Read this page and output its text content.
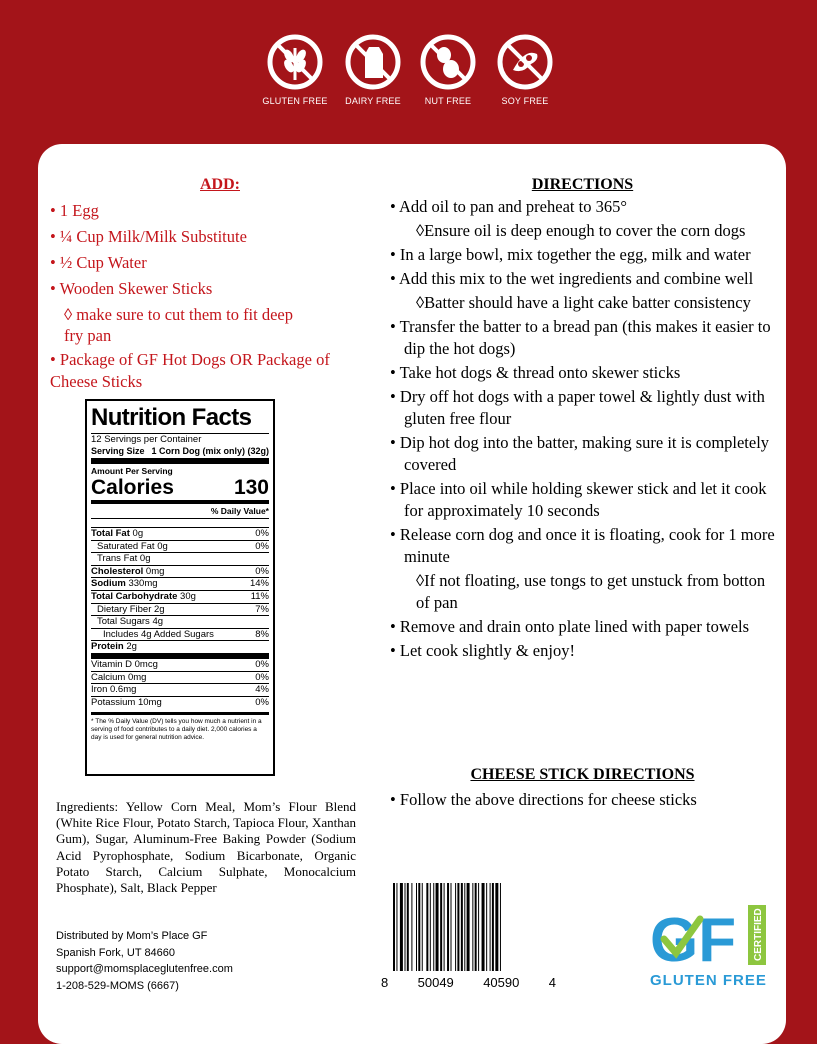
GLUTEN FREE	DAIRY FREE	NUT FREE	SOY FREE
ADD:
• 1 Egg
• ¼ Cup Milk/Milk Substitute
• ½ Cup Water
• Wooden Skewer Sticks
◊ make sure to cut them to fit deep fry pan
• Package of GF Hot Dogs OR Package of Cheese Sticks
Nutrition Facts
12 Servings per Container
Serving Size 1 Corn Dog (mix only) (32g)
Amount Per Serving
Calories	130
% Daily Value*
Total Fat 0g	0%
Saturated Fat 0g	0%
Trans Fat 0g
Cholesterol 0mg	0%
Sodium 330mg	14%
Total Carbohydrate 30g	11%
Dietary Fiber 2g	7%
Total Sugars 4g
Includes 4g Added Sugars	8%
Protein 2g
Vitamin D 0mcg	0%
Calcium 0mg	0%
Iron 0.6mg	4%
Potassium 10mg	0%
* The % Daily Value (DV) tells you how much a nutrient in a serving of food contributes to a daily diet. 2,000 calories a day is used for general nutrition advice.
Ingredients: Yellow Corn Meal, Mom’s Flour Blend (White Rice Flour, Potato Starch, Tapioca Flour, Xanthan Gum), Sugar, Aluminum-Free Baking Powder (Sodium Acid Pyrophosphate, Sodium Bicarbonate, Organic Potato Starch, Calcium Sulphate, Monocalcium Phosphate), Salt, Black Pepper
Distributed by Mom’s Place GF
Spanish Fork, UT 84660
support@momsplaceglutenfree.com
1-208-529-MOMS (6667)
DIRECTIONS
• Add oil to pan and preheat to 365°
◊Ensure oil is deep enough to cover the corn dogs
• In a large bowl, mix together the egg, milk and water
• Add this mix to the wet ingredients and combine well
◊Batter should have a light cake batter consistency
• Transfer the batter to a bread pan (this makes it easier to dip the hot dogs)
• Take hot dogs & thread onto skewer sticks
• Dry off hot dogs with a paper towel & lightly dust with gluten free flour
• Dip hot dog into the batter, making sure it is completely covered
• Place into oil while holding skewer stick and let it cook for approximately 10 seconds
• Release corn dog and once it is floating, cook for 1 more minute
◊If not floating, use tongs to get unstuck from botton of pan
• Remove and drain onto plate lined with paper towels
• Let cook slightly & enjoy!
CHEESE STICK DIRECTIONS
• Follow the above directions for cheese sticks
8 50049 40590 4
GF CERTIFIED
GLUTEN FREE
